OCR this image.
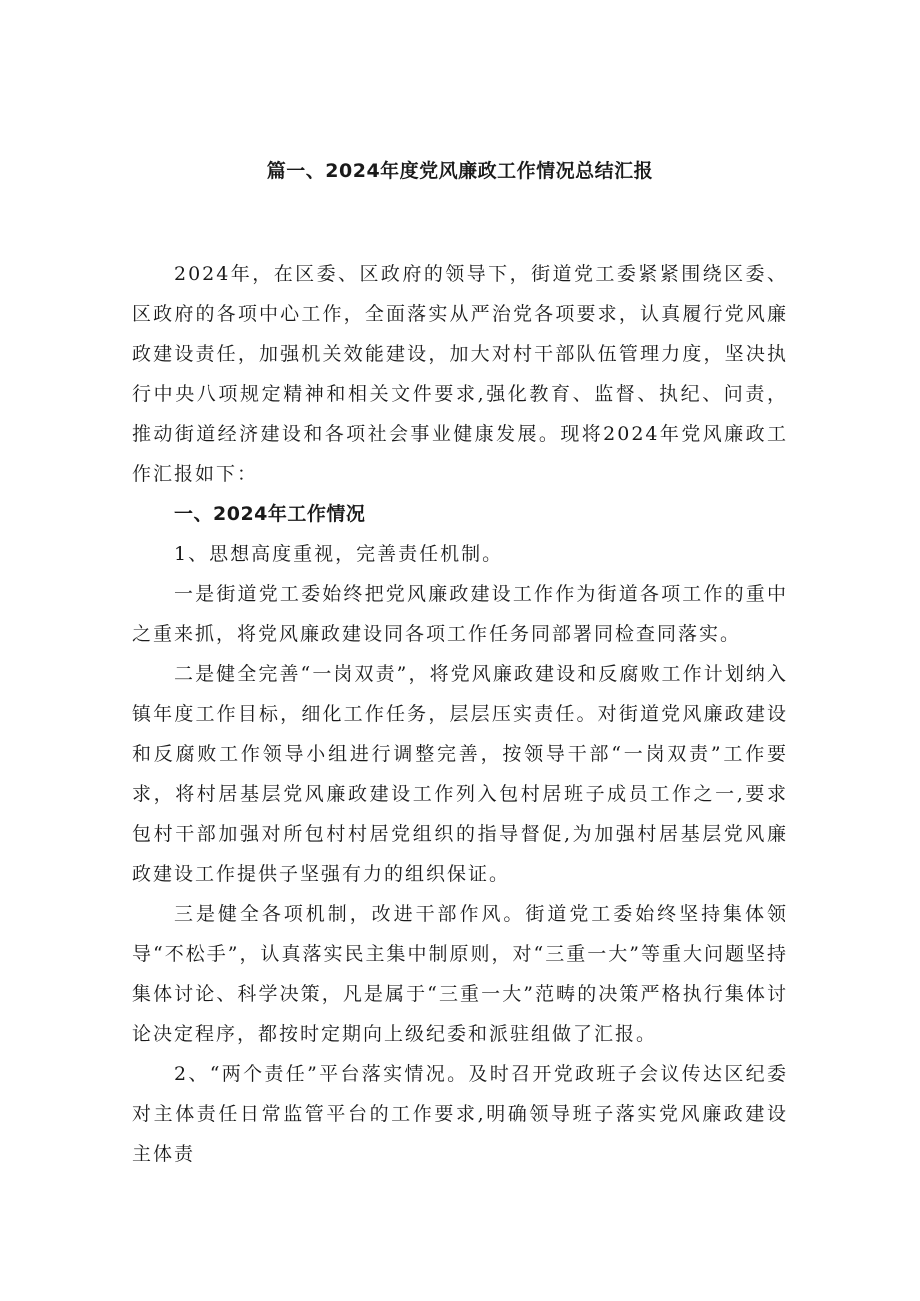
篇一、2024年度党风廉政工作情况总结汇报

2024年，在区委、区政府的领导下，街道党工委紧紧围绕区委、区政府的各项中心工作，全面落实从严治党各项要求，认真履行党风廉政建设责任，加强机关效能建设，加大对村干部队伍管理力度，坚决执行中央八项规定精神和相关文件要求,强化教育、监督、执纪、问责，推动街道经济建设和各项社会事业健康发展。现将2024年党风廉政工作汇报如下：

一、2024年工作情况

1、思想高度重视，完善责任机制。

一是街道党工委始终把党风廉政建设工作作为街道各项工作的重中之重来抓，将党风廉政建设同各项工作任务同部署同检查同落实。

二是健全完善“一岗双责”，将党风廉政建设和反腐败工作计划纳入镇年度工作目标，细化工作任务，层层压实责任。对街道党风廉政建设和反腐败工作领导小组进行调整完善，按领导干部“一岗双责”工作要求，将村居基层党风廉政建设工作列入包村居班子成员工作之一,要求包村干部加强对所包村村居党组织的指导督促,为加强村居基层党风廉政建设工作提供子坚强有力的组织保证。

三是健全各项机制，改进干部作风。街道党工委始终坚持集体领导“不松手”，认真落实民主集中制原则，对“三重一大”等重大问题坚持集体讨论、科学决策，凡是属于“三重一大”范畴的决策严格执行集体讨论决定程序，都按时定期向上级纪委和派驻组做了汇报。

2、“两个责任”平台落实情况。及时召开党政班子会议传达区纪委对主体责任日常监管平台的工作要求,明确领导班子落实党风廉政建设主体责
